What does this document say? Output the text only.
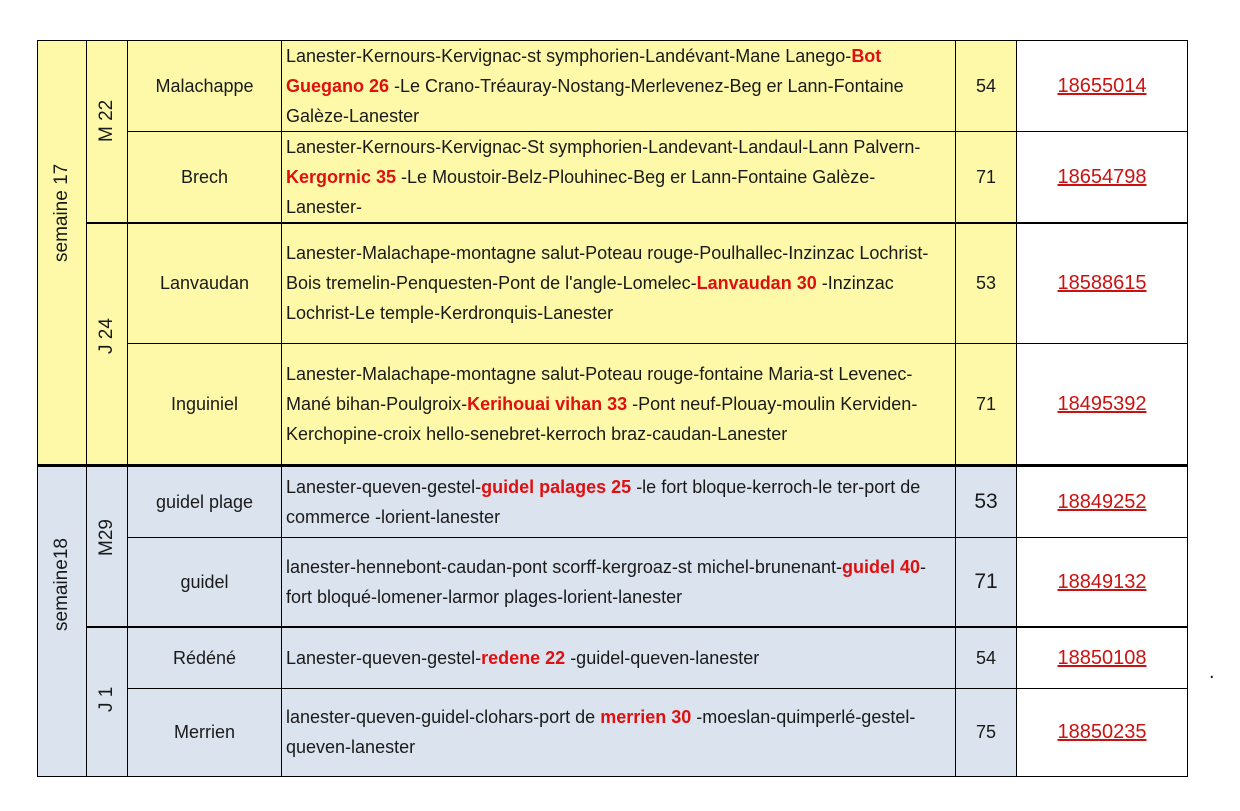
semaine 17	M 22	Malachappe	Lanester-Kernours-Kervignac-st symphorien-Landévant-Mane Lanego-Bot Gueganо 26 -Le Crano-Tréauray-Nostang-Merlevenez-Beg er Lann-Fontaine Galèze-Lanester	54	18655014
		Brech	Lanester-Kernours-Kervignac-St symphorien-Landevant-Landaul-Lann Palvern-Kergornic 35 -Le Moustoir-Belz-Plouhinec-Beg er Lann-Fontaine Galèze-Lanester-	71	18654798

	J 24	Lanvaudan	Lanester-Malachape-montagne salut-Poteau rouge-Poulhallec-Inzinzac Lochrist-Bois tremelin-Penquesten-Pont de l'angle-Lomelec-Lanvaudan 30 -Inzinzac Lochrist-Le temple-Kerdronquis-Lanester	53	18588615
		Inguiniel	Lanester-Malachape-montagne salut-Poteau rouge-fontaine Maria-st Levenec-Mané bihan-Poulgroix-Kerihouai vihan 33 -Pont neuf-Plouay-moulin Kerviden-Kerchopine-croix hello-senebret-kerroch braz-caudan-Lanester	71	18495392

semaine18	M29	guidel plage	Lanester-queven-gestel-guidel palages 25 -le fort bloque-kerroch-le ter-port de commerce -lorient-lanester	53	18849252
		guidel	lanester-hennebont-caudan-pont scorff-kergroaz-st michel-brunenant-guidel 40-fort bloqué-lomener-larmor plages-lorient-lanester	71	18849132

	J 1	Rédéné	Lanester-queven-gestel-redene 22 -guidel-queven-lanester	54	18850108
		Merrien	lanester-queven-guidel-clohars-port de merrien 30 -moeslan-quimperlé-gestel-queven-lanester	75	18850235
.
